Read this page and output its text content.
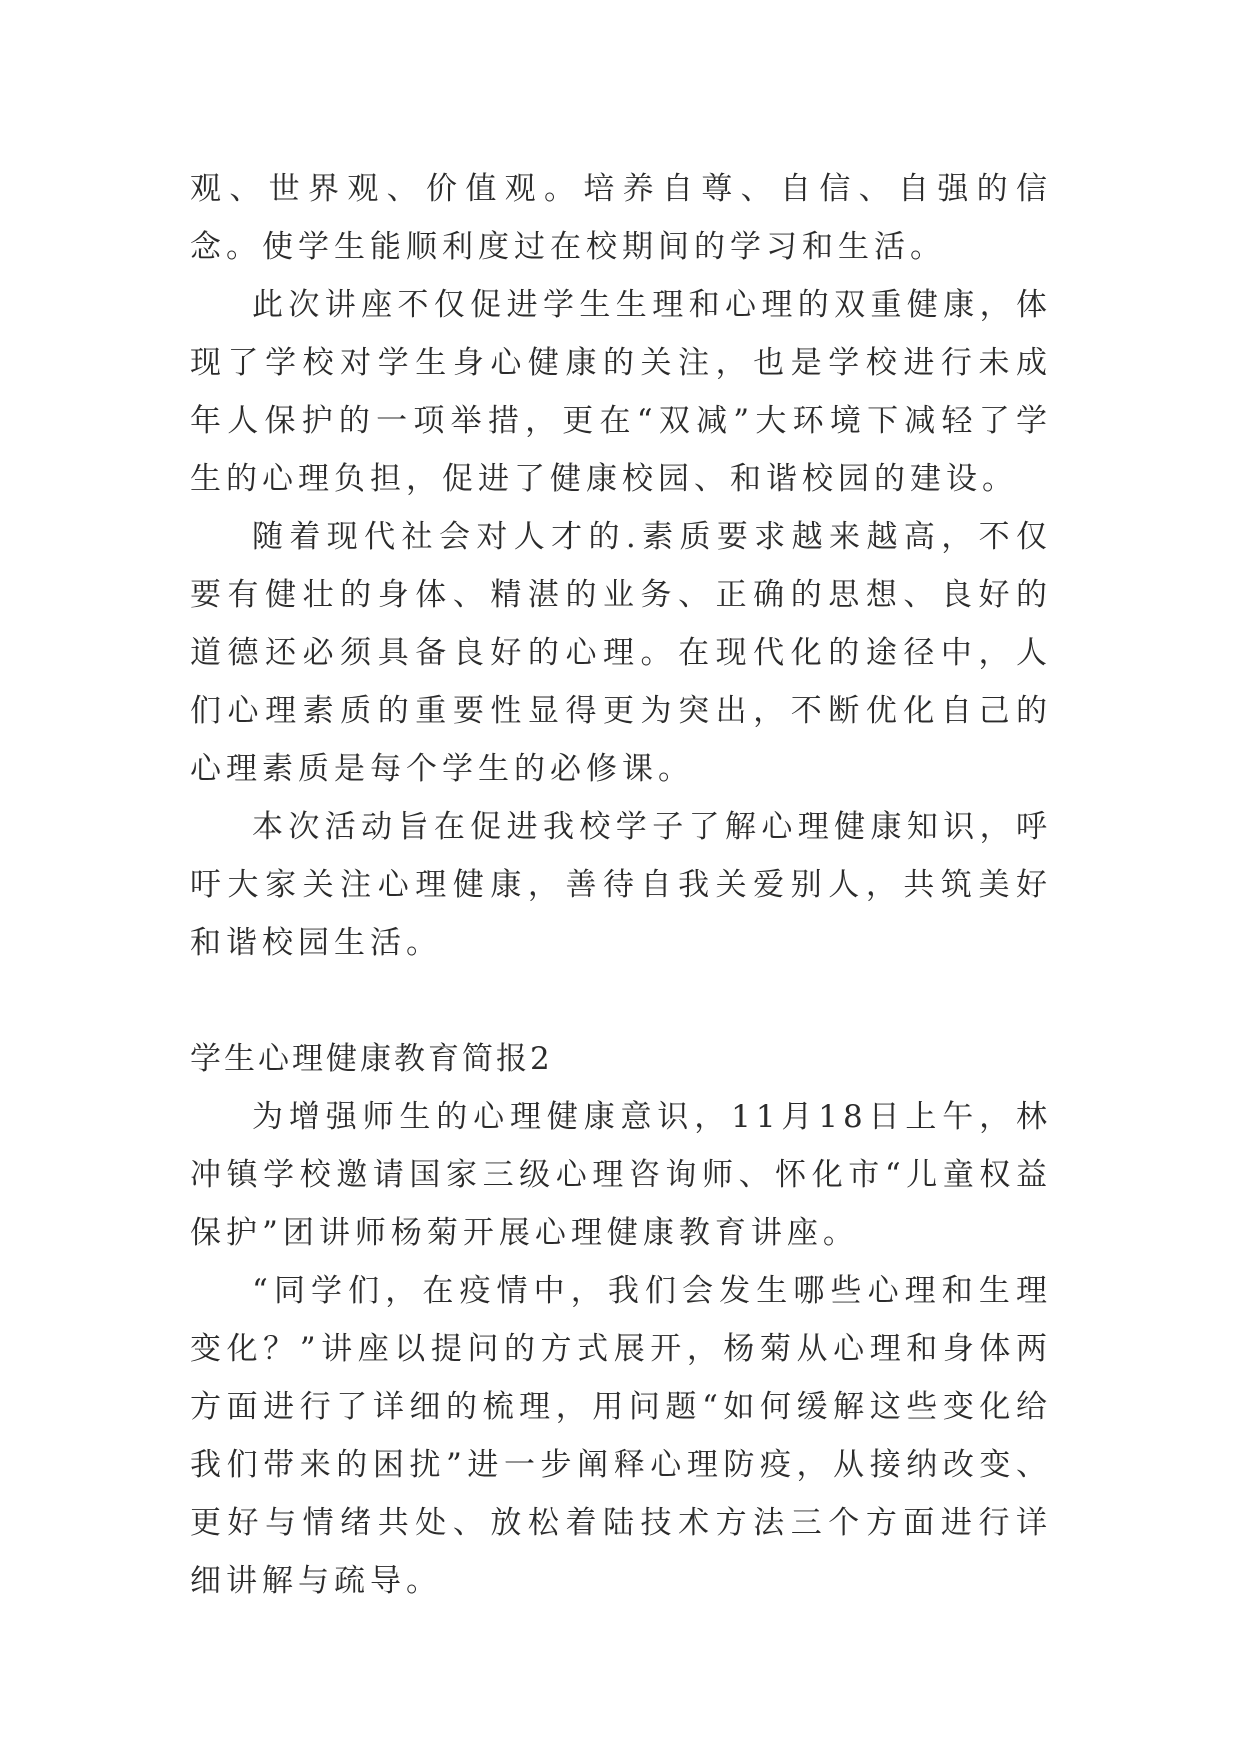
观、世界观、价值观。培养自尊、自信、自强的信念。使学生能顺利度过在校期间的学习和生活。

此次讲座不仅促进学生生理和心理的双重健康，体现了学校对学生身心健康的关注，也是学校进行未成年人保护的一项举措，更在“双减”大环境下减轻了学生的心理负担，促进了健康校园、和谐校园的建设。

随着现代社会对人才的.素质要求越来越高，不仅要有健壮的身体、精湛的业务、正确的思想、良好的道德还必须具备良好的心理。在现代化的途径中，人们心理素质的重要性显得更为突出，不断优化自己的心理素质是每个学生的必修课。

本次活动旨在促进我校学子了解心理健康知识，呼吁大家关注心理健康，善待自我关爱别人，共筑美好和谐校园生活。

学生心理健康教育简报2

为增强师生的心理健康意识，11月18日上午，林冲镇学校邀请国家三级心理咨询师、怀化市“儿童权益保护”团讲师杨菊开展心理健康教育讲座。

“同学们，在疫情中，我们会发生哪些心理和生理变化？”讲座以提问的方式展开，杨菊从心理和身体两方面进行了详细的梳理，用问题“如何缓解这些变化给我们带来的困扰”进一步阐释心理防疫，从接纳改变、更好与情绪共处、放松着陆技术方法三个方面进行详细讲解与疏导。
